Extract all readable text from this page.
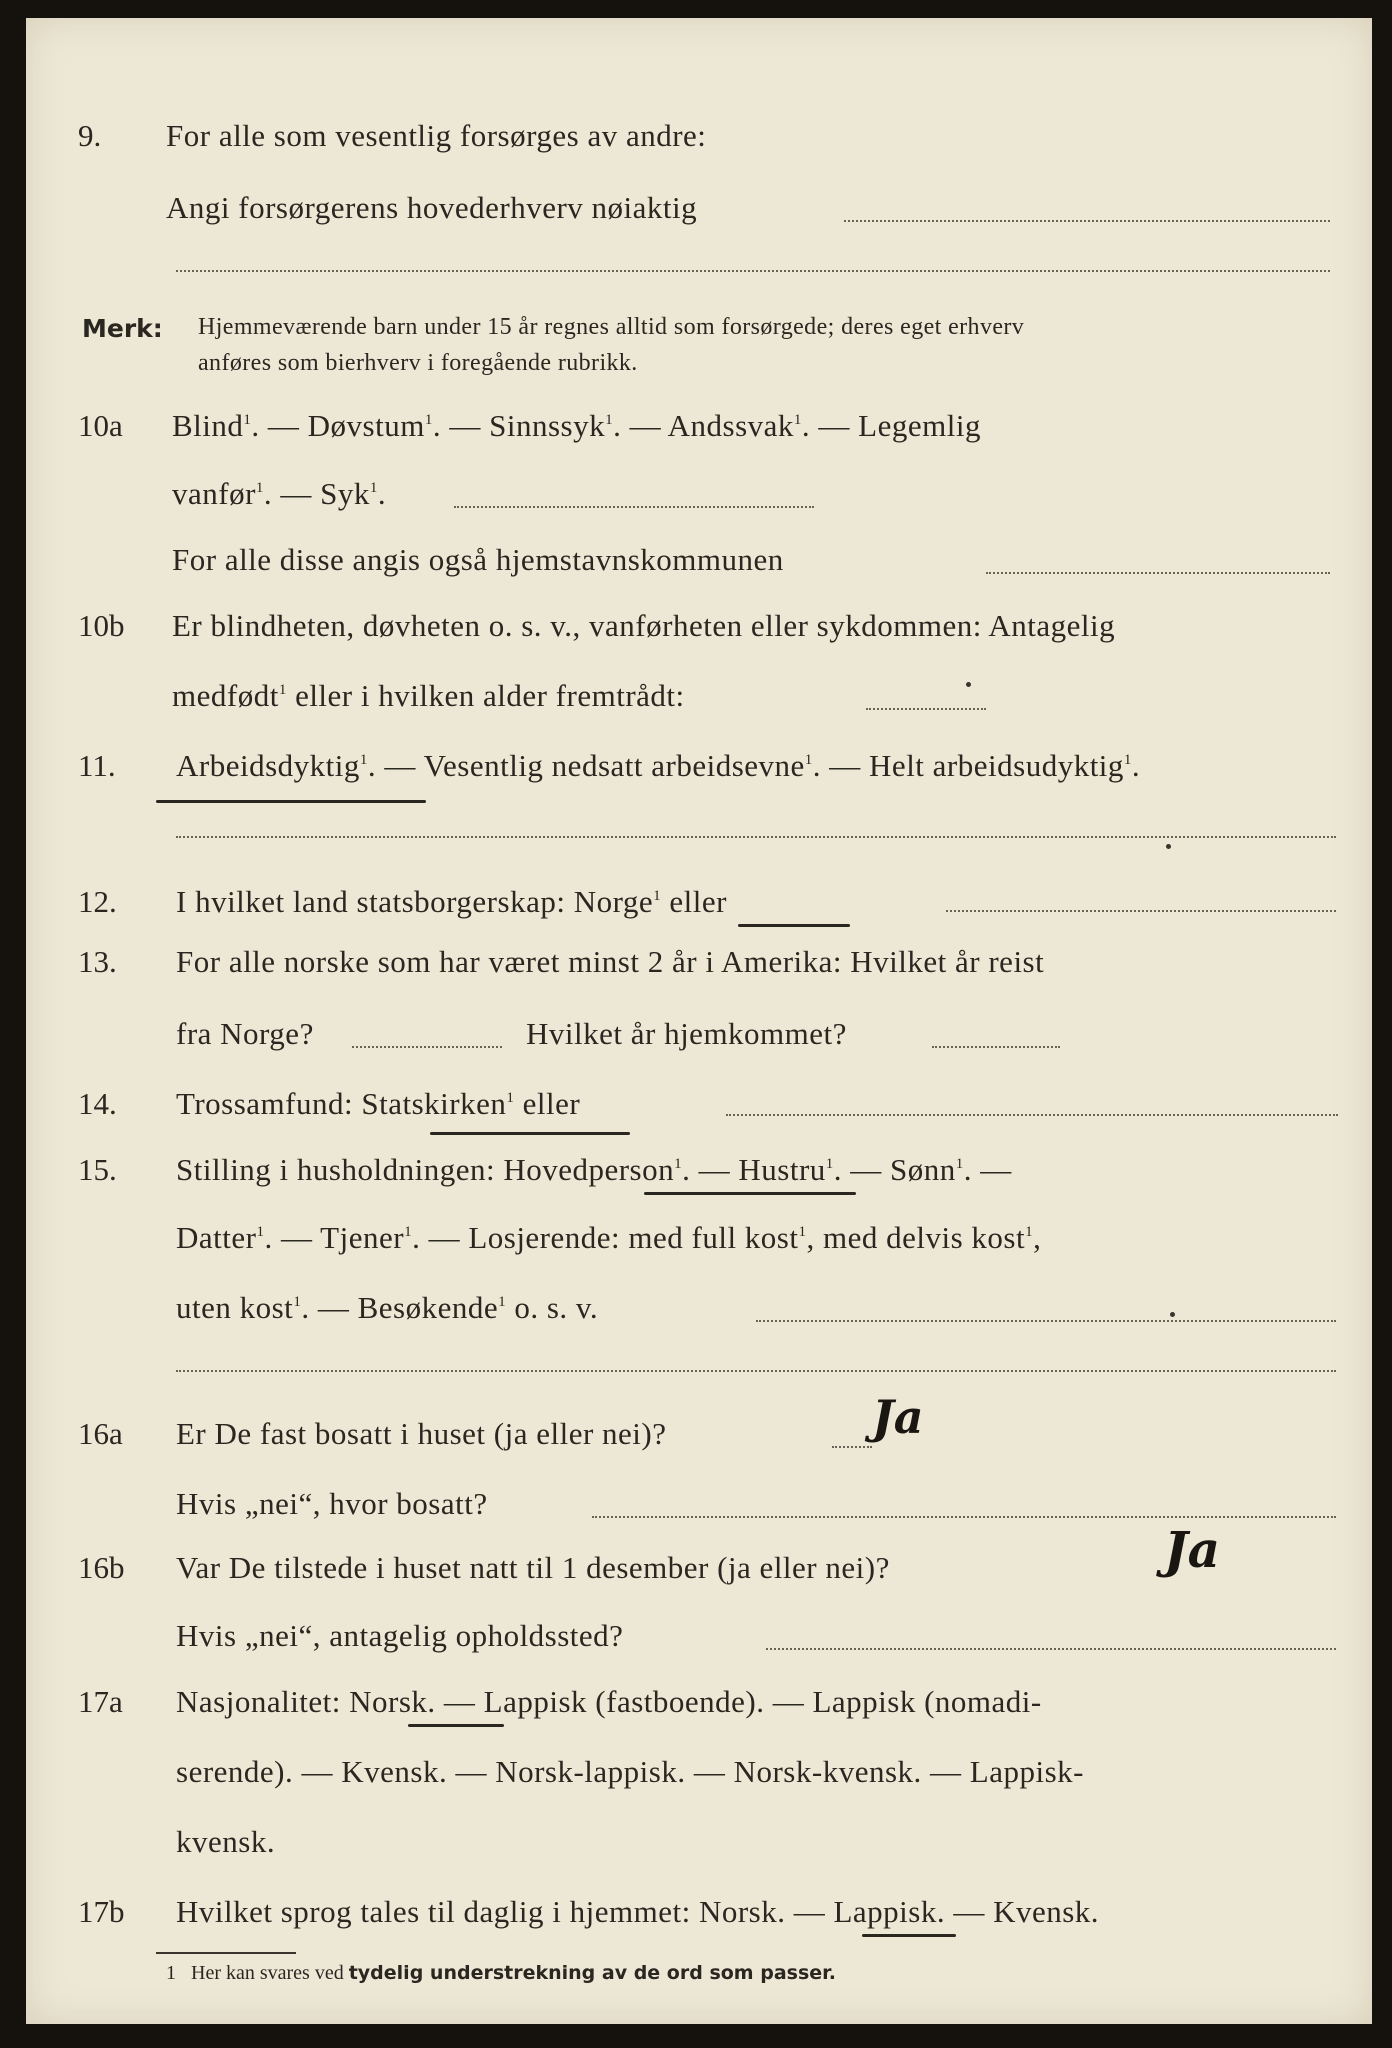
9. For alle som vesentlig forsørges av andre:
Angi forsørgerens hovederhverv nøiaktig
Merk: Hjemmeværende barn under 15 år regnes alltid som forsørgede; deres eget erhverv
anføres som bierhverv i foregående rubrikk.
10a Blind$^1$. — Døvstum$^1$. — Sinnssyk$^1$. — Andssvak$^1$. — Legemlig
vanfør$^1$. — Syk$^1$.
For alle disse angis også hjemstavnskommunen
10b Er blindheten, døvheten o. s. v., vanførheten eller sykdommen: Antagelig
medfødt$^1$ eller i hvilken alder fremtrådt:
11. Arbeidsdyktig$^1$. — Vesentlig nedsatt arbeidsevne$^1$. — Helt arbeidsudyktig$^1$.
12. I hvilket land statsborgerskap: Norge$^1$ eller
13. For alle norske som har været minst 2 år i Amerika: Hvilket år reist
fra Norge?	Hvilket år hjemkommet?
14. Trossamfund: Statskirken$^1$ eller
15. Stilling i husholdningen: Hovedperson$^1$. — Hustru$^1$. — Sønn$^1$. —
Datter$^1$. — Tjener$^1$. — Losjerende: med full kost$^1$, med delvis kost$^1$,
uten kost$^1$. — Besøkende$^1$ o. s. v.
16a Er De fast bosatt i huset (ja eller nei)?	Ja
Hvis „nei“, hvor bosatt?
16b Var De tilstede i huset natt til 1 desember (ja eller nei)?	Ja
Hvis „nei“, antagelig opholdssted?
17a Nasjonalitet: Norsk. — Lappisk (fastboende). — Lappisk (nomadi-
serende). — Kvensk. — Norsk-lappisk. — Norsk-kvensk. — Lappisk-
kvensk.
17b Hvilket sprog tales til daglig i hjemmet: Norsk. — Lappisk. — Kvensk.
1 Her kan svares ved tydelig understrekning av de ord som passer.
